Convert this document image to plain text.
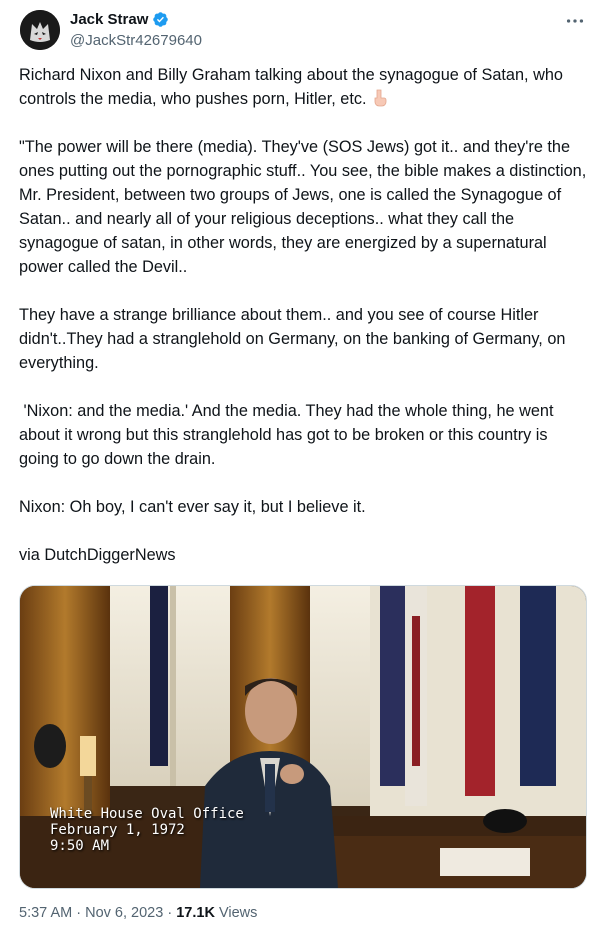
Jack Straw
@JackStr42679640

Richard Nixon and Billy Graham talking about the synagogue of Satan, who controls the media, who pushes porn, Hitler, etc.

"The power will be there (media). They've (SOS Jews) got it.. and they're the ones putting out the pornographic stuff.. You see, the bible makes a distinction, Mr. President, between two groups of Jews, one is called the Synagogue of Satan.. and nearly all of your religious deceptions.. what they call the synagogue of satan, in other words, they are energized by a supernatural power called the Devil..

They have a strange brilliance about them.. and you see of course Hitler didn't..They had a stranglehold on Germany, on the banking of Germany, on everything.

'Nixon: and the media.' And the media. They had the whole thing, he went about it wrong but this stranglehold has got to be broken or this country is going to go down the drain.

Nixon: Oh boy, I can't ever say it, but I believe it.

via DutchDiggerNews

White House Oval Office
February 1, 1972
9:50 AM
5:37 AM · Nov 6, 2023 · 17.1K Views
